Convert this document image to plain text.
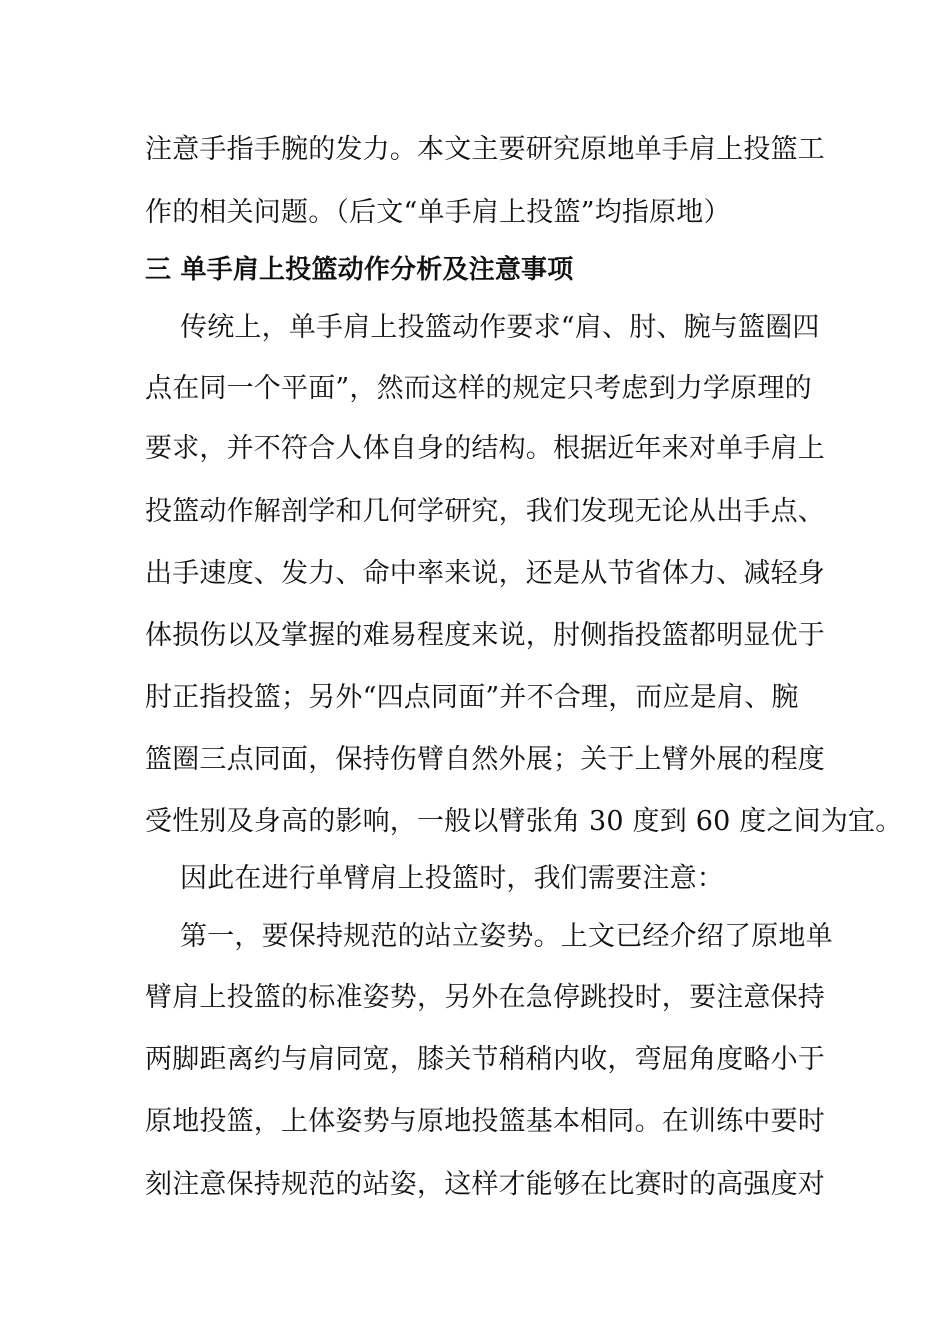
注意手指手腕的发力。本文主要研究原地单手肩上投篮工
作的相关问题。（后文“单手肩上投篮”均指原地）
三 单手肩上投篮动作分析及注意事项
传统上，单手肩上投篮动作要求“肩、肘、腕与篮圈四
点在同一个平面”，然而这样的规定只考虑到力学原理的
要求，并不符合人体自身的结构。根据近年来对单手肩上
投篮动作解剖学和几何学研究，我们发现无论从出手点、
出手速度、发力、命中率来说，还是从节省体力、减轻身
体损伤以及掌握的难易程度来说，肘侧指投篮都明显优于
肘正指投篮；另外“四点同面”并不合理，而应是肩、腕
篮圈三点同面，保持伤臂自然外展；关于上臂外展的程度
受性别及身高的影响，一般以臂张角 30 度到 60 度之间为宜。
因此在进行单臂肩上投篮时，我们需要注意：
第一，要保持规范的站立姿势。上文已经介绍了原地单
臂肩上投篮的标准姿势，另外在急停跳投时，要注意保持
两脚距离约与肩同宽，膝关节稍稍内收，弯屈角度略小于
原地投篮，上体姿势与原地投篮基本相同。在训练中要时
刻注意保持规范的站姿，这样才能够在比赛时的高强度对
